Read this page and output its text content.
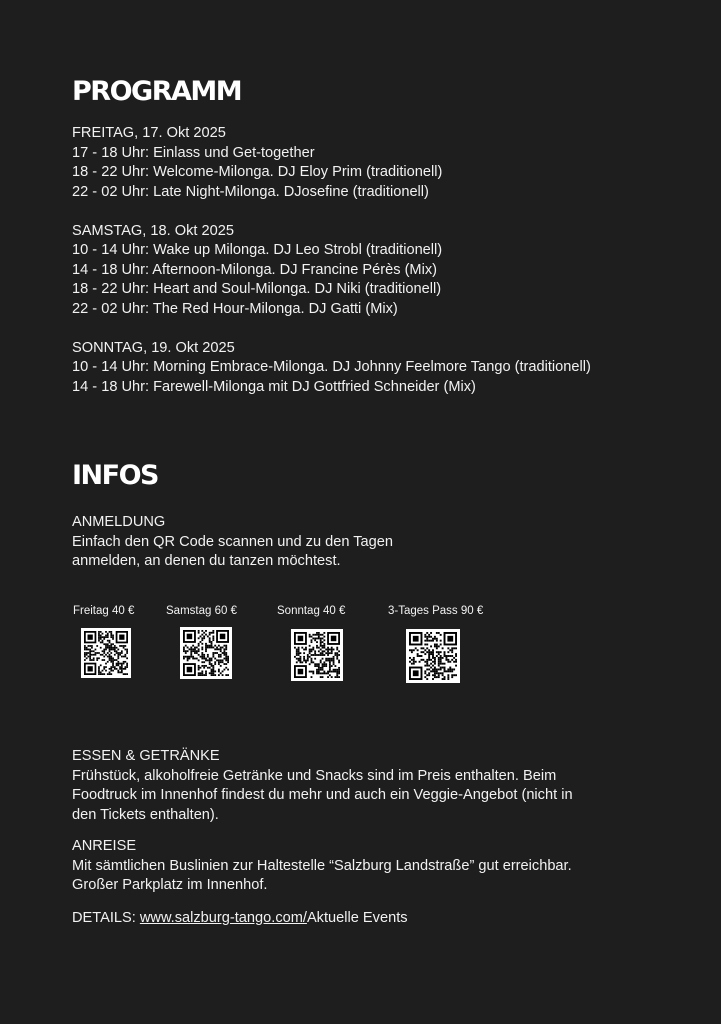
PROGRAMM
FREITAG, 17. Okt 2025
17 - 18 Uhr: Einlass und Get-together
18 - 22 Uhr: Welcome-Milonga. DJ Eloy Prim (traditionell)
22 - 02 Uhr: Late Night-Milonga. DJosefine (traditionell)
SAMSTAG, 18. Okt 2025
10 - 14 Uhr: Wake up Milonga. DJ Leo Strobl (traditionell)
14 - 18 Uhr: Afternoon-Milonga. DJ Francine Pérès (Mix)
18 - 22 Uhr: Heart and Soul-Milonga. DJ Niki (traditionell)
22 - 02 Uhr: The Red Hour-Milonga. DJ Gatti (Mix)
SONNTAG, 19. Okt 2025
10 - 14 Uhr: Morning Embrace-Milonga. DJ Johnny Feelmore Tango (traditionell)
14 - 18 Uhr: Farewell-Milonga mit DJ Gottfried Schneider (Mix)
INFOS
ANMELDUNG
Einfach den QR Code scannen und zu den Tagen
anmelden, an denen du tanzen möchtest.
Freitag 40 €	Samstag 60 €	Sonntag 40 €	3-Tages Pass 90 €
ESSEN & GETRÄNKE
Frühstück, alkoholfreie Getränke und Snacks sind im Preis enthalten. Beim
Foodtruck im Innenhof findest du mehr und auch ein Veggie-Angebot (nicht in
den Tickets enthalten).
ANREISE
Mit sämtlichen Buslinien zur Haltestelle “Salzburg Landstraße” gut erreichbar.
Großer Parkplatz im Innenhof.
DETAILS: www.salzburg-tango.com/Aktuelle Events
